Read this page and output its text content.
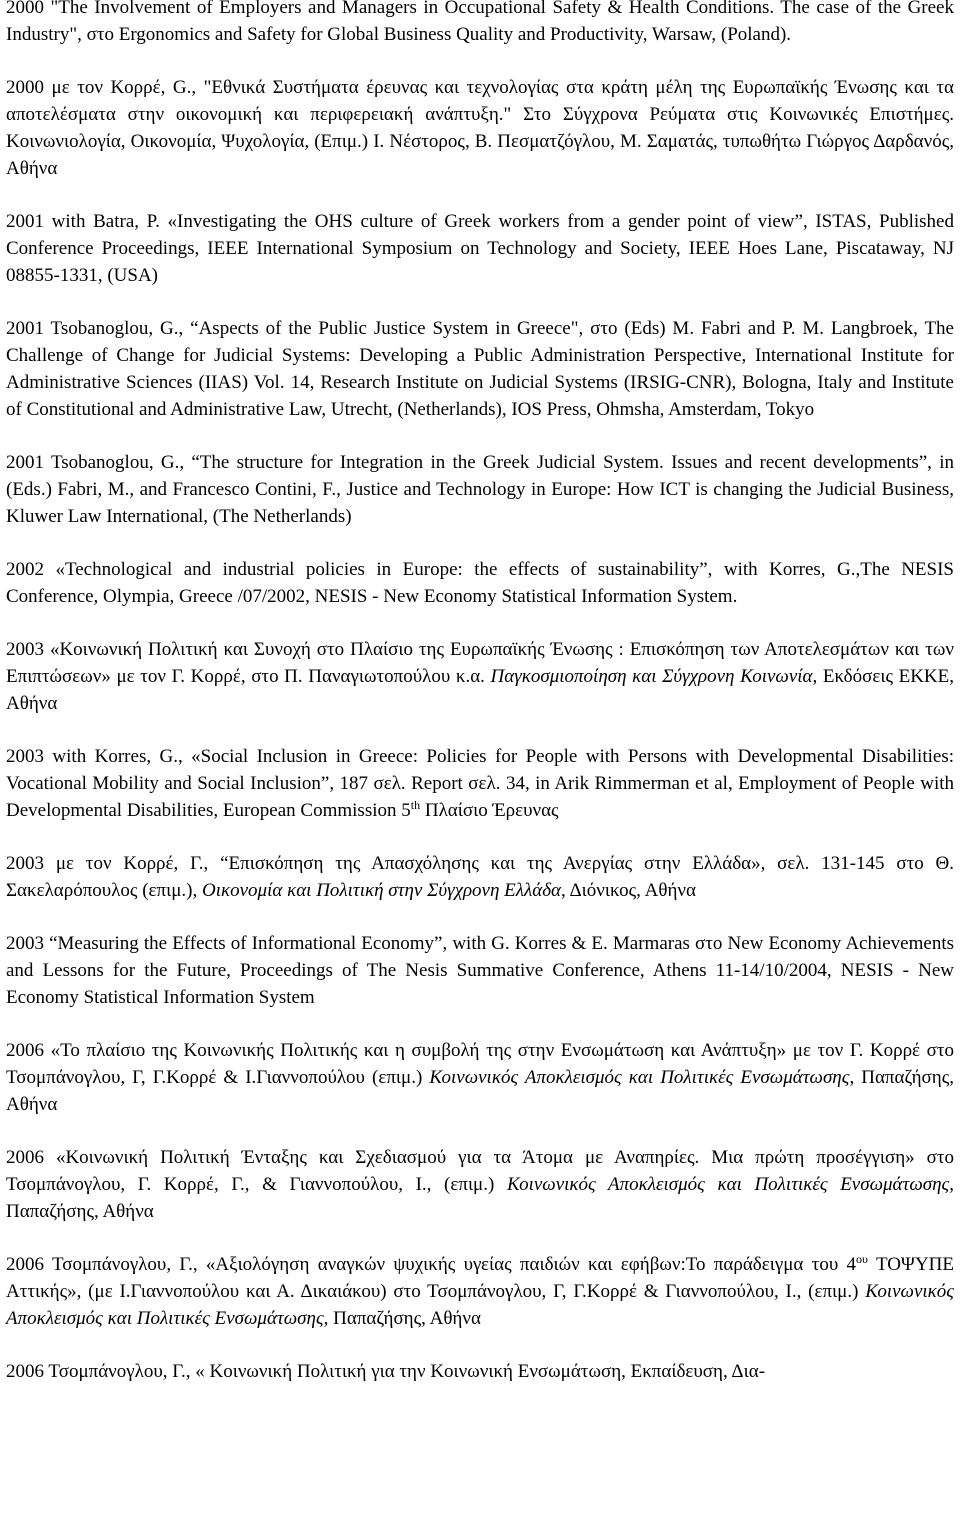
2000 "The Involvement of Employers and Managers in Occupational Safety & Health Conditions. The case of the Greek Industry", στο Ergonomics and Safety for Global Business Quality and Productivity, Warsaw, (Poland).
2000 με τον Κορρέ, G., "Εθνικά Συστήματα έρευνας και τεχνολογίας στα κράτη μέλη της Ευρωπαϊκής Ένωσης και τα αποτελέσματα στην οικονομική και περιφερειακή ανάπτυξη." Στο Σύγχρονα Ρεύματα στις Κοινωνικές Επιστήμες. Κοινωνιολογία, Οικονομία, Ψυχολογία, (Επιμ.) Ι. Νέστορος, Β. Πεσματζόγλου, Μ. Σαματάς, τυπωθήτω Γιώργος Δαρδανός, Αθήνα
2001 with Batra, P. «Investigating the OHS culture of Greek workers from a gender point of view”, ISTAS, Published Conference Proceedings, IEEE International Symposium on Technology and Society, IEEE Hoes Lane, Piscataway, NJ 08855-1331, (USA)
2001 Tsobanoglou, G., “Aspects of the Public Justice System in Greece", στο (Eds) M. Fabri and P. M. Langbroek, The Challenge of Change for Judicial Systems: Developing a Public Administration Perspective, International Institute for Administrative Sciences (IIAS) Vol. 14, Research Institute on Judicial Systems (IRSIG-CNR), Bologna, Italy and Institute of Constitutional and Administrative Law, Utrecht, (Netherlands), IOS Press, Ohmsha, Amsterdam, Tokyo
2001 Tsobanoglou, G., “The structure for Integration in the Greek Judicial System. Issues and recent developments”, in (Eds.) Fabri, M., and Francesco Contini, F., Justice and Technology in Europe: How ICT is changing the Judicial Business, Kluwer Law International, (The Netherlands)
2002 «Technological and industrial policies in Europe: the effects of sustainability”, with Korres, G.,The NESIS Conference, Olympia, Greece /07/2002, NESIS - New Economy Statistical Information System.
2003 «Κοινωνική Πολιτική και Συνοχή στο Πλαίσιο της Ευρωπαϊκής Ένωσης : Επισκόπηση των Αποτελεσμάτων και των Επιπτώσεων» με τον Γ. Κορρέ, στο Π. Παναγιωτοπούλου κ.α. Παγκοσμιοποίηση και Σύγχρονη Κοινωνία, Εκδόσεις ΕΚΚΕ, Αθήνα
2003 with Korres, G., «Social Inclusion in Greece: Policies for People with Persons with Developmental Disabilities: Vocational Mobility and Social Inclusion”, 187 σελ. Report σελ. 34, in Arik Rimmerman et al, Employment of People with Developmental Disabilities, European Commission 5th Πλαίσιο Έρευνας
2003 με τον Κορρέ, Γ., “Επισκόπηση της Απασχόλησης και της Ανεργίας στην Ελλάδα», σελ. 131-145 στο Θ. Σακελαρόπουλος (επιμ.), Οικονομία και Πολιτική στην Σύγχρονη Ελλάδα, Διόνικος, Αθήνα
2003 “Measuring the Effects of Informational Economy”, with G. Korres & E. Marmaras στο New Economy Achievements and Lessons for the Future, Proceedings of The Nesis Summative Conference, Athens 11-14/10/2004, NESIS - New Economy Statistical Information System
2006 «Το πλαίσιο της Κοινωνικής Πολιτικής και η συμβολή της στην Ενσωμάτωση και Ανάπτυξη» με τον Γ. Κορρέ στο Τσομπάνογλου, Γ, Γ.Κορρέ & Ι.Γιαννοπούλου (επιμ.) Κοινωνικός Αποκλεισμός και Πολιτικές Ενσωμάτωσης, Παπαζήσης, Αθήνα
2006 «Κοινωνική Πολιτική Ένταξης και Σχεδιασμού για τα Άτομα με Αναπηρίες. Μια πρώτη προσέγγιση» στο Τσομπάνογλου, Γ. Κορρέ, Γ., & Γιαννοπούλου, Ι., (επιμ.) Κοινωνικός Αποκλεισμός και Πολιτικές Ενσωμάτωσης, Παπαζήσης, Αθήνα
2006 Τσομπάνογλου, Γ., «Αξιολόγηση αναγκών ψυχικής υγείας παιδιών και εφήβων:Το παράδειγμα του $4^{o\upsilon}$ ΤΟΨΥΠΕ Αττικής», (με Ι.Γιαννοπούλου και Α. Δικαιάκου) στο Τσομπάνογλου, Γ, Γ.Κορρέ & Γιαννοπούλου, Ι., (επιμ.) Κοινωνικός Αποκλεισμός και Πολιτικές Ενσωμάτωσης, Παπαζήσης, Αθήνα
2006 Τσομπάνογλου, Γ., « Κοινωνική Πολιτική για την Κοινωνική Ενσωμάτωση, Εκπαίδευση, Δια-
